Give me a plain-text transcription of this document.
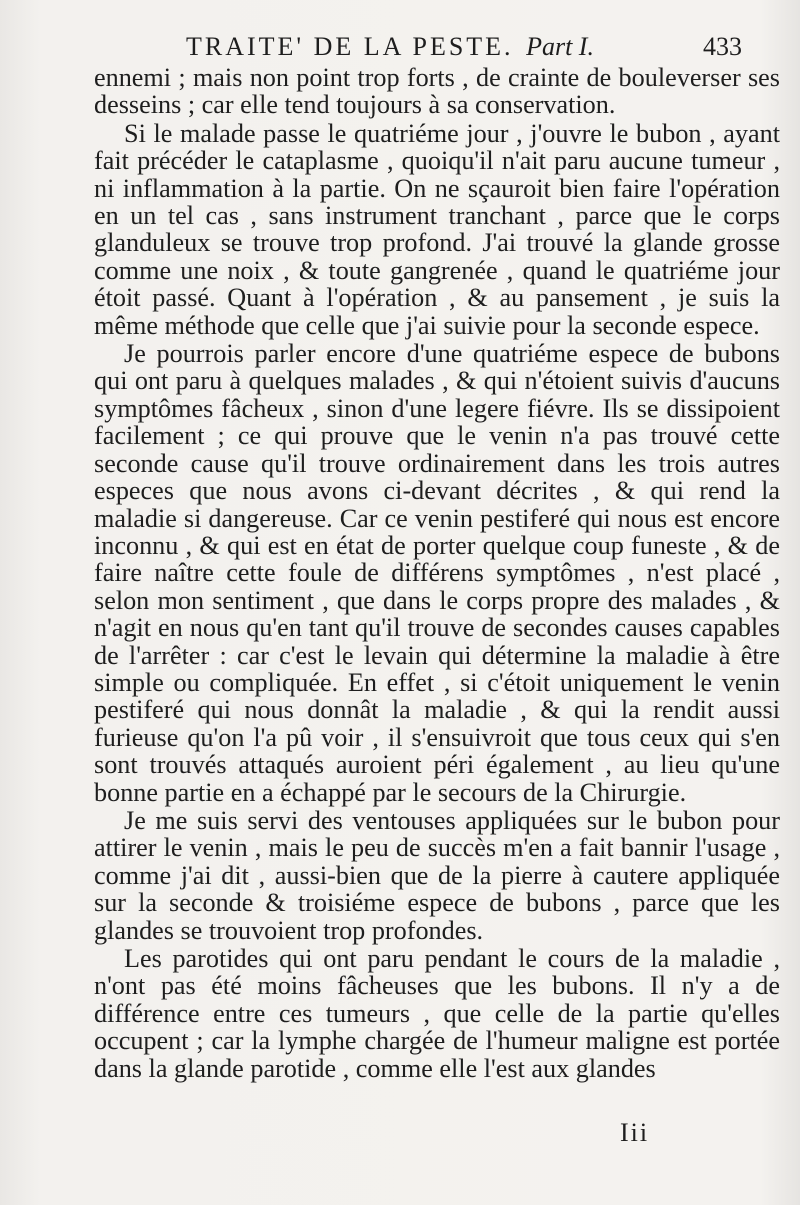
TRAITE' DE LA PESTE. Part I.	433

ennemi ; mais non point trop forts , de crainte de bouleverser ses desseins ; car elle tend toujours à sa conservation.

Si le malade passe le quatriéme jour , j'ouvre le bubon , ayant fait précéder le cataplasme , quoiqu'il n'ait paru aucune tumeur , ni inflammation à la partie. On ne sçauroit bien faire l'opération en un tel cas , sans instrument tranchant , parce que le corps glanduleux se trouve trop profond. J'ai trouvé la glande grosse comme une noix , & toute gangrenée , quand le quatriéme jour étoit passé. Quant à l'opération , & au pansement , je suis la même méthode que celle que j'ai suivie pour la seconde espece.

Je pourrois parler encore d'une quatriéme espece de bubons qui ont paru à quelques malades , & qui n'étoient suivis d'aucuns symptômes fâcheux , sinon d'une legere fiévre. Ils se dissipoient facilement ; ce qui prouve que le venin n'a pas trouvé cette seconde cause qu'il trouve ordinairement dans les trois autres especes que nous avons ci-devant décrites , & qui rend la maladie si dangereuse. Car ce venin pestiferé qui nous est encore inconnu , & qui est en état de porter quelque coup funeste , & de faire naître cette foule de différens symptômes , n'est placé , selon mon sentiment , que dans le corps propre des malades , & n'agit en nous qu'en tant qu'il trouve de secondes causes capables de l'arrêter : car c'est le levain qui détermine la maladie à être simple ou compliquée. En effet , si c'étoit uniquement le venin pestiferé qui nous donnât la maladie , & qui la rendit aussi furieuse qu'on l'a pû voir , il s'ensuivroit que tous ceux qui s'en sont trouvés attaqués auroient péri également , au lieu qu'une bonne partie en a échappé par le secours de la Chirurgie.

Je me suis servi des ventouses appliquées sur le bubon pour attirer le venin , mais le peu de succès m'en a fait bannir l'usage , comme j'ai dit , aussi-bien que de la pierre à cautere appliquée sur la seconde & troisiéme espece de bubons , parce que les glandes se trouvoient trop profondes.

Les parotides qui ont paru pendant le cours de la maladie , n'ont pas été moins fâcheuses que les bubons. Il n'y a de différence entre ces tumeurs , que celle de la partie qu'elles occupent ; car la lymphe chargée de l'humeur maligne est portée dans la glande parotide , comme elle l'est aux glandes

Iii
